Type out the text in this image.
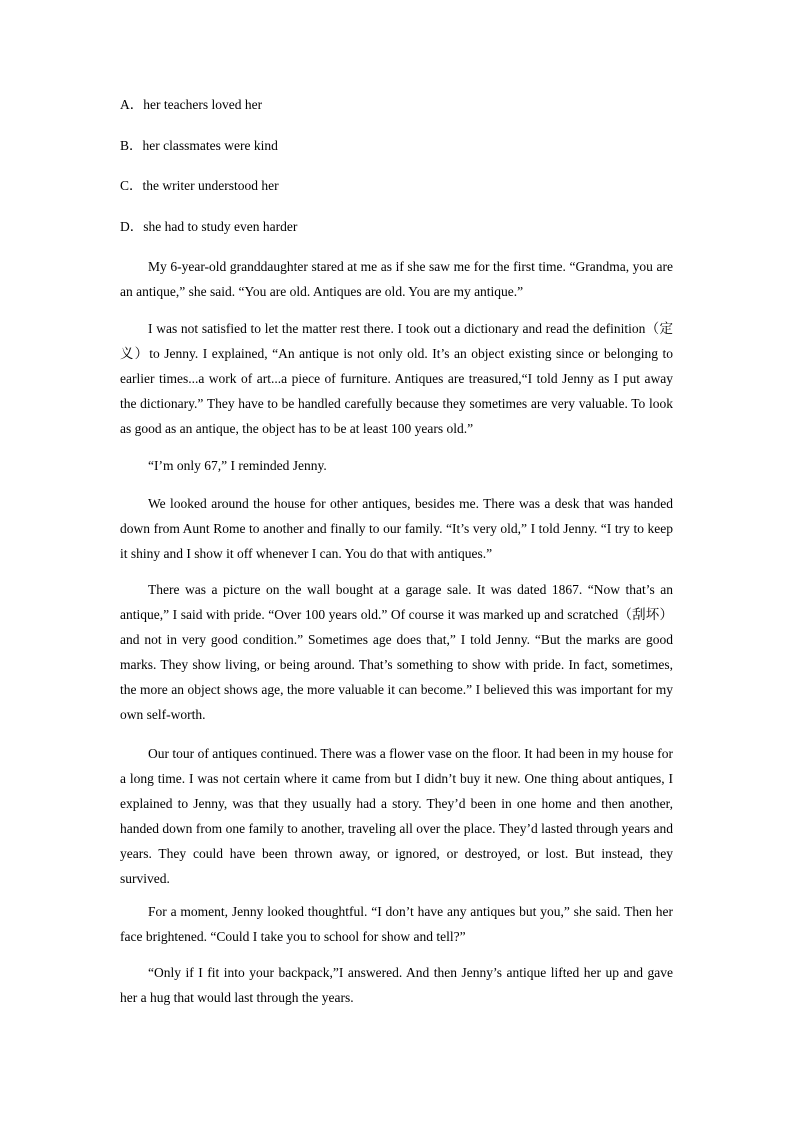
A．her teachers loved her
B．her classmates were kind
C．the writer understood her
D．she had to study even harder

My 6-year-old granddaughter stared at me as if she saw me for the first time. “Grandma, you are an antique,” she said. “You are old. Antiques are old. You are my antique.”

I was not satisfied to let the matter rest there. I took out a dictionary and read the definition（定义）to Jenny. I explained, “An antique is not only old. It’s an object existing since or belonging to earlier times...a work of art...a piece of furniture. Antiques are treasured,“I told Jenny as I put away the dictionary.” They have to be handled carefully because they sometimes are very valuable. To look as good as an antique, the object has to be at least 100 years old.”

“I’m only 67,” I reminded Jenny.

We looked around the house for other antiques, besides me. There was a desk that was handed down from Aunt Rome to another and finally to our family. “It’s very old,” I told Jenny. “I try to keep it shiny and I show it off whenever I can. You do that with antiques.”

There was a picture on the wall bought at a garage sale. It was dated 1867. “Now that’s an antique,” I said with pride. “Over 100 years old.” Of course it was marked up and scratched（刮坏） and not in very good condition.” Sometimes age does that,” I told Jenny. “But the marks are good marks. They show living, or being around. That’s something to show with pride. In fact, sometimes, the more an object shows age, the more valuable it can become.” I believed this was important for my own self-worth.

Our tour of antiques continued. There was a flower vase on the floor. It had been in my house for a long time. I was not certain where it came from but I didn’t buy it new. One thing about antiques, I explained to Jenny, was that they usually had a story. They’d been in one home and then another, handed down from one family to another, traveling all over the place. They’d lasted through years and years. They could have been thrown away, or ignored, or destroyed, or lost. But instead, they survived.

For a moment, Jenny looked thoughtful. “I don’t have any antiques but you,” she said. Then her face brightened. “Could I take you to school for show and tell?”

“Only if I fit into your backpack,”I answered. And then Jenny’s antique lifted her up and gave her a hug that would last through the years.
